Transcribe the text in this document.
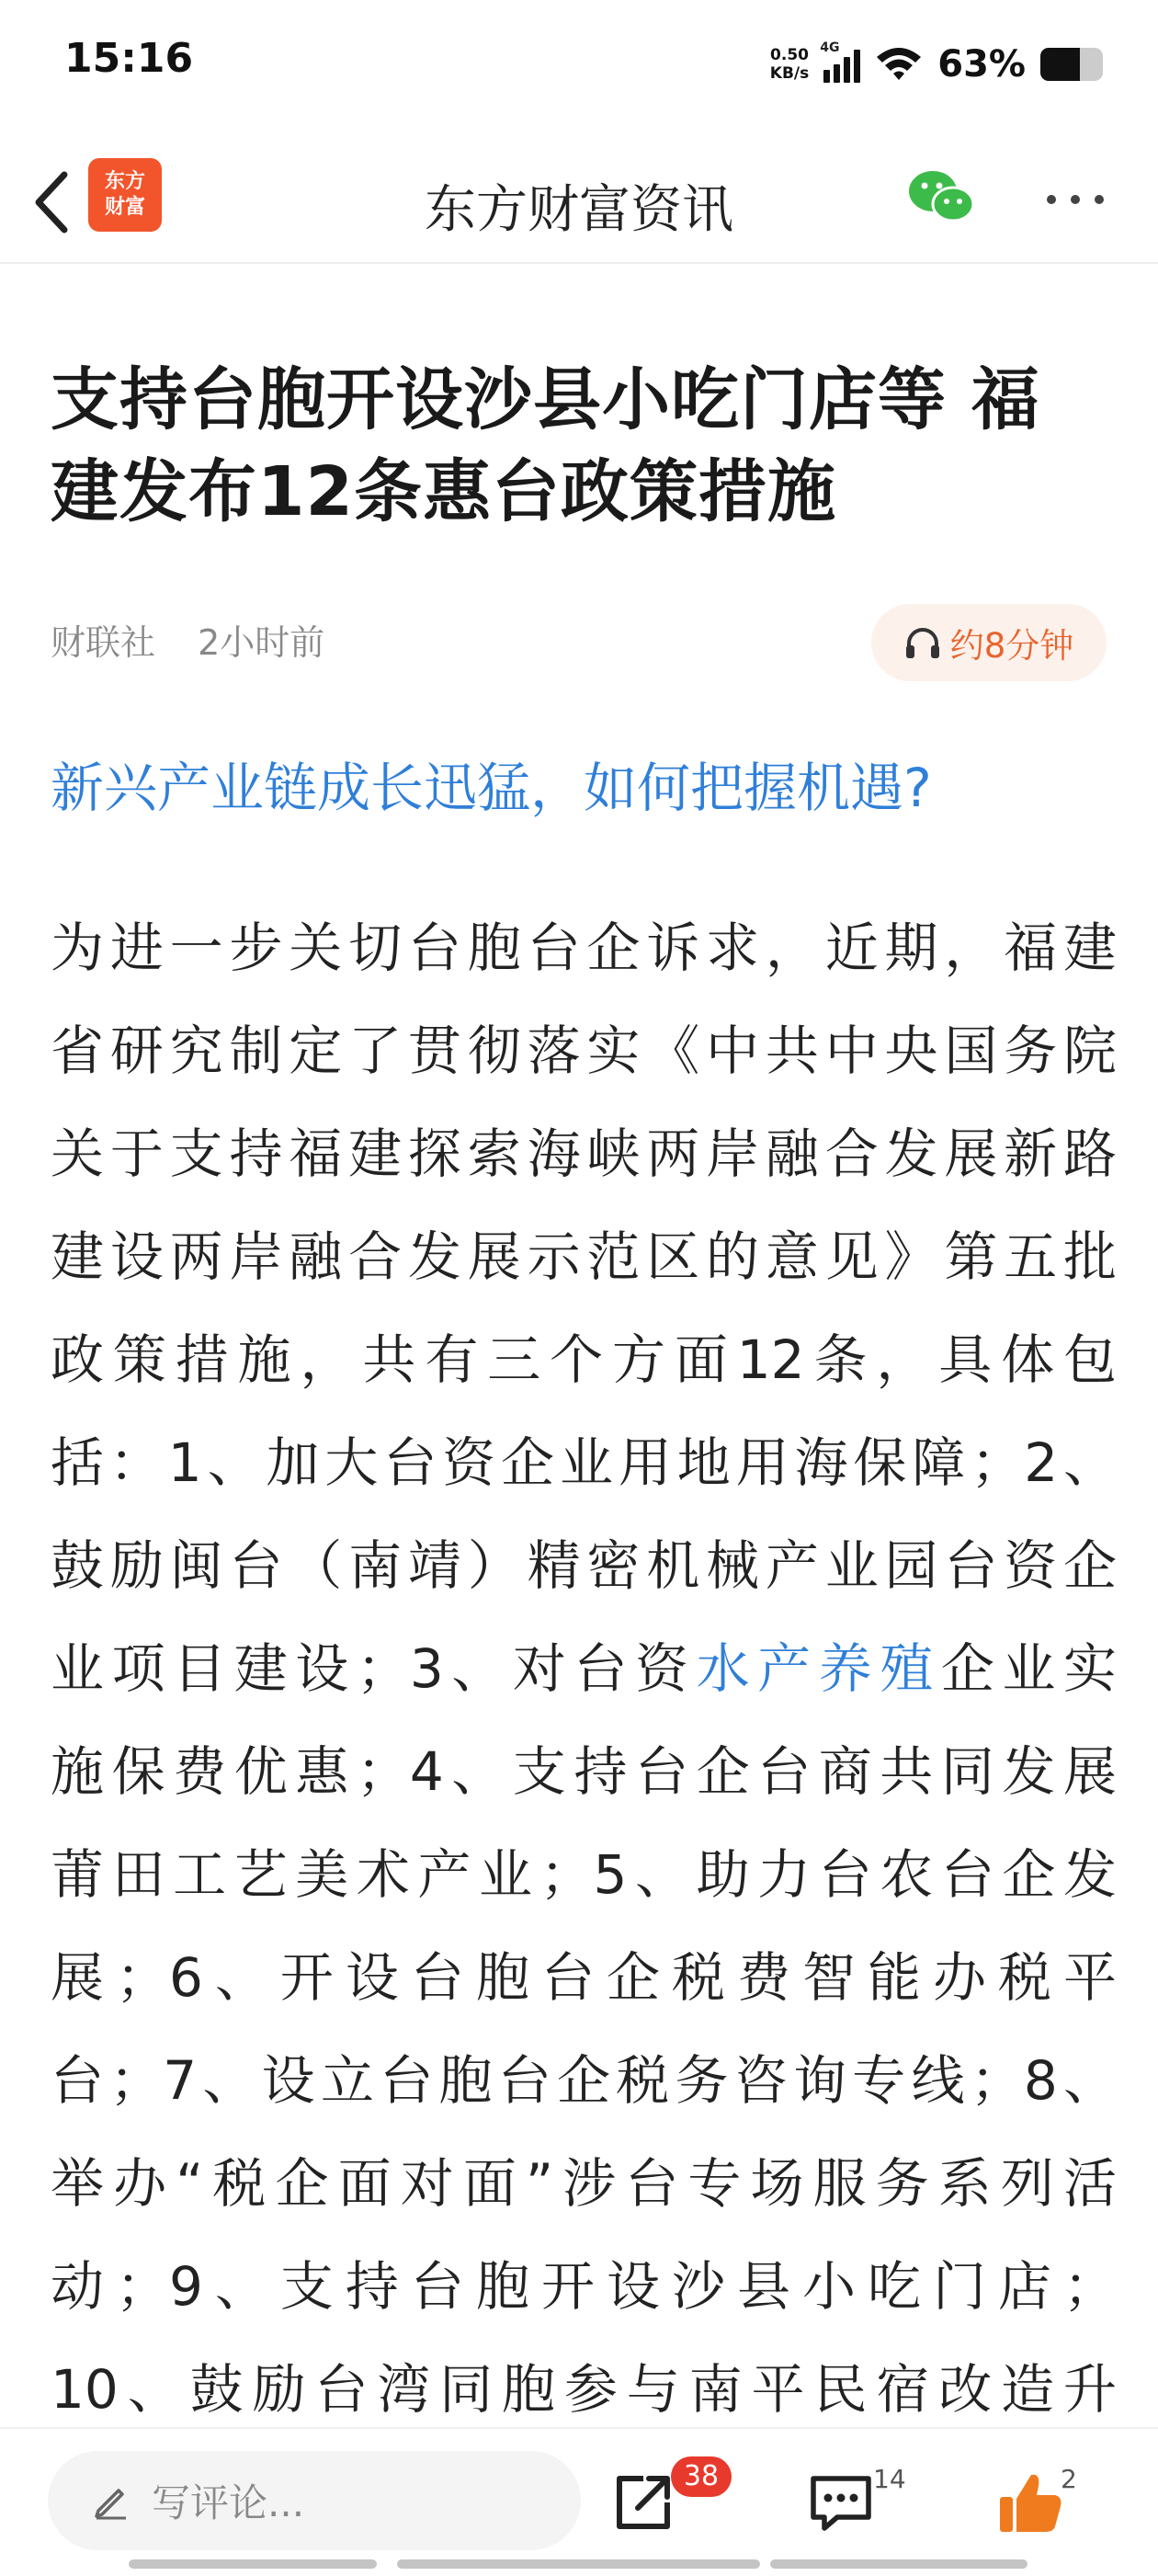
15:16	0.50
KB/s
4G	63%
东方
财富	东方财富资讯
支持台胞开设沙县小吃门店等 福
建发布12条惠台政策措施
财联社 2小时前	约8分钟
新兴产业链成长迅猛，如何把握机遇?

为进一步关切台胞台企诉求，近期，福建

省研究制定了贯彻落实《中共中央国务院

关于支持福建探索海峡两岸融合发展新路

建设两岸融合发展示范区的意见》第五批

政策措施，共有三个方面12条，具体包

括：1、加大台资企业用地用海保障；2、

鼓励闽台（南靖）精密机械产业园台资企

业项目建设；3、对台资水产养殖企业实

施保费优惠；4、支持台企台商共同发展

莆田工艺美术产业；5、助力台农台企发

展；6、开设台胞台企税费智能办税平

台；7、设立台胞台企税务咨询专线；8、

举办“税企面对面”涉台专场服务系列活

动；9、支持台胞开设沙县小吃门店；

10、鼓励台湾同胞参与南平民宿改造升

写评论...
38	14	2
